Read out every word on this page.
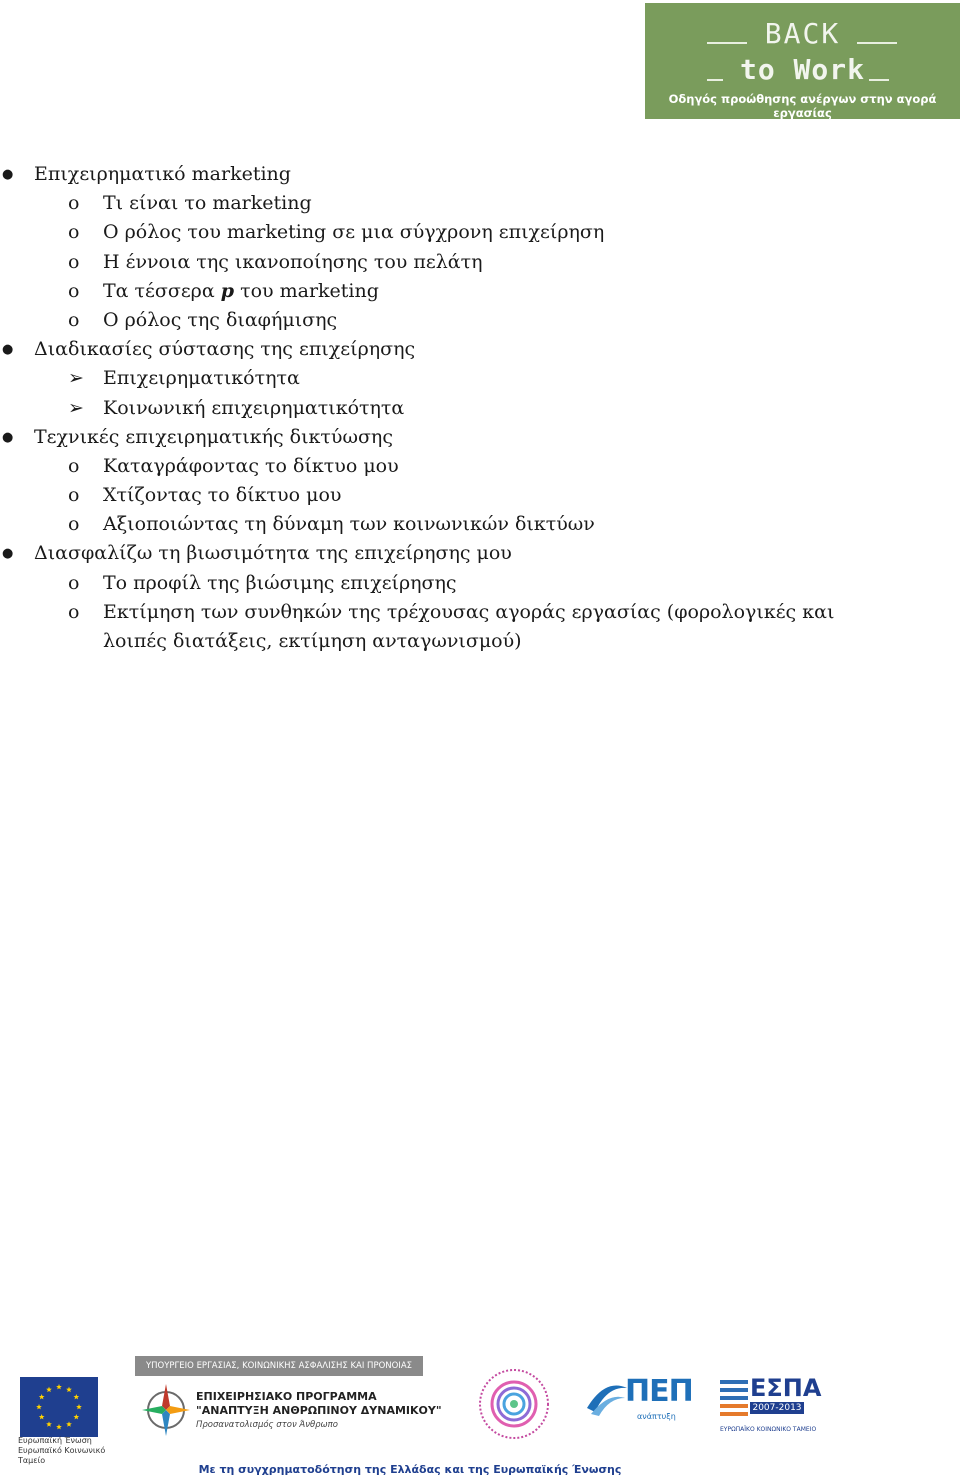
BACK
to Work
Οδηγός προώθησης ανέργων στην αγορά εργασίας
● Επιχειρηματικό marketing
o Τι είναι το marketing
o Ο ρόλος του marketing σε μια σύγχρονη επιχείρηση
o Η έννοια της ικανοποίησης του πελάτη
o Τα τέσσερα p του marketing
o Ο ρόλος της διαφήμισης
● Διαδικασίες σύστασης της επιχείρησης
➢ Επιχειρηματικότητα
➢ Κοινωνική επιχειρηματικότητα
● Τεχνικές επιχειρηματικής δικτύωσης
o Καταγράφοντας το δίκτυο μου
o Χτίζοντας το δίκτυο μου
o Αξιοποιώντας τη δύναμη των κοινωνικών δικτύων
● Διασφαλίζω τη βιωσιμότητα της επιχείρησης μου
o Το προφίλ της βιώσιμης επιχείρησης
o Εκτίμηση των συνθηκών της τρέχουσας αγοράς εργασίας (φορολογικές και λοιπές διατάξεις, εκτίμηση ανταγωνισμού)
Ευρωπαϊκή Ένωση
Ευρωπαϊκό Κοινωνικό Ταμείο
ΥΠΟΥΡΓΕΙΟ ΕΡΓΑΣΙΑΣ, ΚΟΙΝΩΝΙΚΗΣ ΑΣΦΑΛΙΣΗΣ ΚΑΙ ΠΡΟΝΟΙΑΣ
ΕΠΙΧΕΙΡΗΣΙΑΚΟ ΠΡΟΓΡΑΜΜΑ
"ΑΝΑΠΤΥΞΗ ΑΝΘΡΩΠΙΝΟΥ ΔΥΝΑΜΙΚΟΥ"
Προσανατολισμός στον Άνθρωπο
ΠΕΠ
ανάπτυξη
ΕΣΠΑ
2007-2013
ΕΥΡΩΠΑΪΚΟ ΚΟΙΝΩΝΙΚΟ ΤΑΜΕΙΟ
Με τη συγχρηματοδότηση της Ελλάδας και της Ευρωπαϊκής Ένωσης
